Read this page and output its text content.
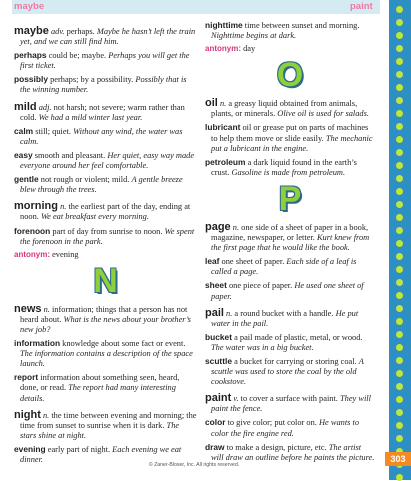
maybe	paint
maybe adv. perhaps. Maybe he hasn’t left the train yet, and we can still find him.
perhaps could be; maybe. Perhaps you will get the first ticket.
possibly perhaps; by a possibility. Possibly that is the winning number.
mild adj. not harsh; not severe; warm rather than cold. We had a mild winter last year.
calm still; quiet. Without any wind, the water was calm.
easy smooth and pleasant. Her quiet, easy way made everyone around her feel comfortable.
gentle not rough or violent; mild. A gentle breeze blew through the trees.
morning n. the earliest part of the day, ending at noon. We eat breakfast every morning.
forenoon part of day from sunrise to noon. We spent the forenoon in the park.
antonym: evening
N
news n. information; things that a person has not heard about. What is the news about your brother’s new job?
information knowledge about some fact or event. The information contains a description of the space launch.
report information about something seen, heard, done, or read. The report had many interesting details.
night n. the time between evening and morning; the time from sunset to sunrise when it is dark. The stars shine at night.
evening early part of night. Each evening we eat dinner.
nighttime time between sunset and morning. Nighttime begins at dark.
antonym: day
O
oil n. a greasy liquid obtained from animals, plants, or minerals. Olive oil is used for salads.
lubricant oil or grease put on parts of machines to help them move or slide easily. The mechanic put a lubricant in the engine.
petroleum a dark liquid found in the earth’s crust. Gasoline is made from petroleum.
P
page n. one side of a sheet of paper in a book, magazine, newspaper, or letter. Kurt knew from the first page that he would like the book.
leaf one sheet of paper. Each side of a leaf is called a page.
sheet one piece of paper. He used one sheet of paper.
pail n. a round bucket with a handle. He put water in the pail.
bucket a pail made of plastic, metal, or wood. The water was in a big bucket.
scuttle a bucket for carrying or storing coal. A scuttle was used to store the coal by the old cookstove.
paint v. to cover a surface with paint. They will paint the fence.
color to give color; put color on. He wants to color the fire engine red.
draw to make a design, picture, etc. The artist will draw an outline before he paints the picture.
© Zaner-Bloser, Inc. All rights reserved.
303
